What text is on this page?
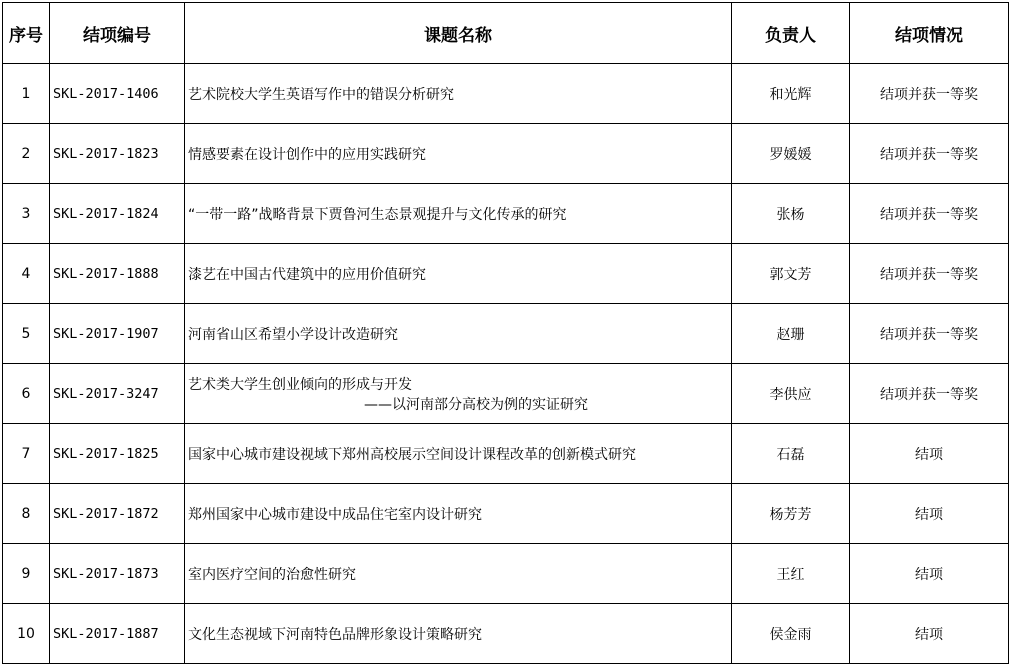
序号	结项编号	课题名称	负责人	结项情况
1	SKL-2017-1406	艺术院校大学生英语写作中的错误分析研究	和光辉	结项并获一等奖
2	SKL-2017-1823	情感要素在设计创作中的应用实践研究	罗媛媛	结项并获一等奖
3	SKL-2017-1824	“一带一路”战略背景下贾鲁河生态景观提升与文化传承的研究	张杨	结项并获一等奖
4	SKL-2017-1888	漆艺在中国古代建筑中的应用价值研究	郭文芳	结项并获一等奖
5	SKL-2017-1907	河南省山区希望小学设计改造研究	赵珊	结项并获一等奖
6	SKL-2017-3247	艺术类大学生创业倾向的形成与开发
——以河南部分高校为例的实证研究	李供应	结项并获一等奖
7	SKL-2017-1825	国家中心城市建设视域下郑州高校展示空间设计课程改革的创新模式研究	石磊	结项
8	SKL-2017-1872	郑州国家中心城市建设中成品住宅室内设计研究	杨芳芳	结项
9	SKL-2017-1873	室内医疗空间的治愈性研究	王红	结项
10	SKL-2017-1887	文化生态视域下河南特色品牌形象设计策略研究	侯金雨	结项
